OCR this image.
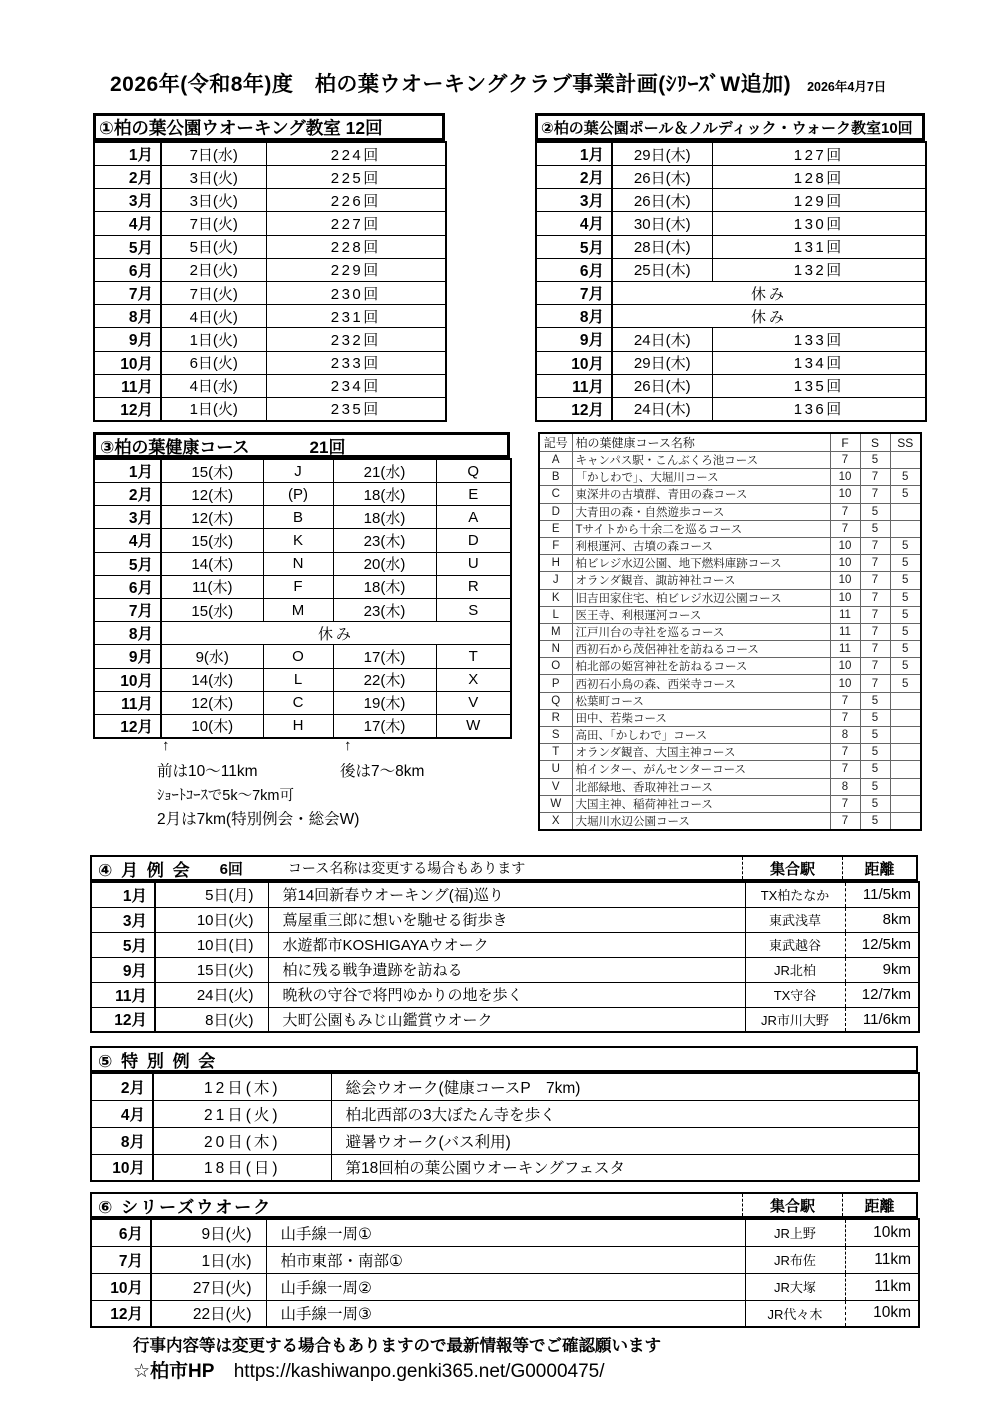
2026年(令和8年)度　柏の葉ウオーキングクラブ事業計画(ｼﾘｰｽﾞW追加) 2026年4月7日
①柏の葉公園ウオーキング教室 12回
1月	7日(水)	224回
2月	3日(火)	225回
3月	3日(火)	226回
4月	7日(火)	227回
5月	5日(火)	228回
6月	2日(火)	229回
7月	7日(火)	230回
8月	4日(火)	231回
9月	1日(火)	232回
10月	6日(火)	233回
11月	4日(水)	234回
12月	1日(火)	235回
②柏の葉公園ポール＆ノルディック・ウォーク教室10回
1月	29日(木)	127回
2月	26日(木)	128回
3月	26日(木)	129回
4月	30日(木)	130回
5月	28日(木)	131回
6月	25日(木)	132回
7月	休み	
8月	休み	
9月	24日(木)	133回
10月	29日(木)	134回
11月	26日(木)	135回
12月	24日(木)	136回
③柏の葉健康コース	21回
1月	15(木)	J	21(水)	Q
2月	12(木)	(P)	18(水)	E
3月	12(木)	B	18(水)	A
4月	15(水)	K	23(木)	D
5月	14(木)	N	20(水)	U
6月	11(木)	F	18(木)	R
7月	15(水)	M	23(木)	S
8月	休み			
9月	9(水)	O	17(木)	T
10月	14(水)	L	22(木)	X
11月	12(木)	C	19(木)	V
12月	10(木)	H	17(木)	W
↑	↑
前は10～11km	後は7～8km
ｼｮｰﾄｺｰｽで5k～7km可
2月は7km(特別例会・総会W)
記号	柏の葉健康コース名称	F	S	SS
A	キャンパス駅・こんぶくろ池コース	7	5	
B	「かしわで」、大堀川コース	10	7	5
C	東深井の古墳群、青田の森コース	10	7	5
D	大青田の森・自然遊歩コース	7	5	
E	Tサイトから十余二を巡るコース	7	5	
F	利根運河、古墳の森コース	10	7	5
H	柏ビレジ水辺公園、地下燃料庫跡コース	10	7	5
J	オランダ観音、諏訪神社コース	10	7	5
K	旧吉田家住宅、柏ビレジ水辺公園コース	10	7	5
L	医王寺、利根運河コース	11	7	5
M	江戸川台の寺社を巡るコース	11	7	5
N	西初石から茂侶神社を訪ねるコース	11	7	5
O	柏北部の姫宮神社を訪ねるコース	10	7	5
P	西初石小鳥の森、西栄寺コース	10	7	5
Q	松葉町コース	7	5	
R	田中、若柴コース	7	5	
S	高田、「かしわで」コース	8	5	
T	オランダ観音、大国主神コース	7	5	
U	柏インター、がんセンターコース	7	5	
V	北部緑地、香取神社コース	8	5	
W	大国主神、稲荷神社コース	7	5	
X	大堀川水辺公園コース	7	5	
④ 月 例 会 6回	コース名称は変更する場合もあります	集合駅	距離
1月	5日(月)	第14回新春ウオーキング(福)巡り	TX柏たなか	11/5km
3月	10日(火)	蔦屋重三郎に想いを馳せる街歩き	東武浅草	8km
5月	10日(日)	水遊都市KOSHIGAYAウオーク	東武越谷	12/5km
9月	15日(火)	柏に残る戦争遺跡を訪ねる	JR北柏	9km
11月	24日(火)	晩秋の守谷で将門ゆかりの地を歩く	TX守谷	12/7km
12月	8日(火)	大町公園もみじ山鑑賞ウオーク	JR市川大野	11/6km
⑤ 特 別 例 会
2月	12日(木)	総会ウオーク(健康コースP　7km)
4月	21日(火)	柏北西部の3大ぼたん寺を歩く
8月	20日(木)	避暑ウオーク(バス利用)
10月	18日(日)	第18回柏の葉公園ウオーキングフェスタ
⑥ シリーズウオーク	集合駅	距離
6月	9日(火)	山手線一周①	JR上野	10km
7月	1日(水)	柏市東部・南部①	JR布佐	11km
10月	27日(火)	山手線一周②	JR大塚	11km
12月	22日(火)	山手線一周③	JR代々木	10km
行事内容等は変更する場合もありますので最新情報等でご確認願います
☆柏市HP https://kashiwanpo.genki365.net/G0000475/
